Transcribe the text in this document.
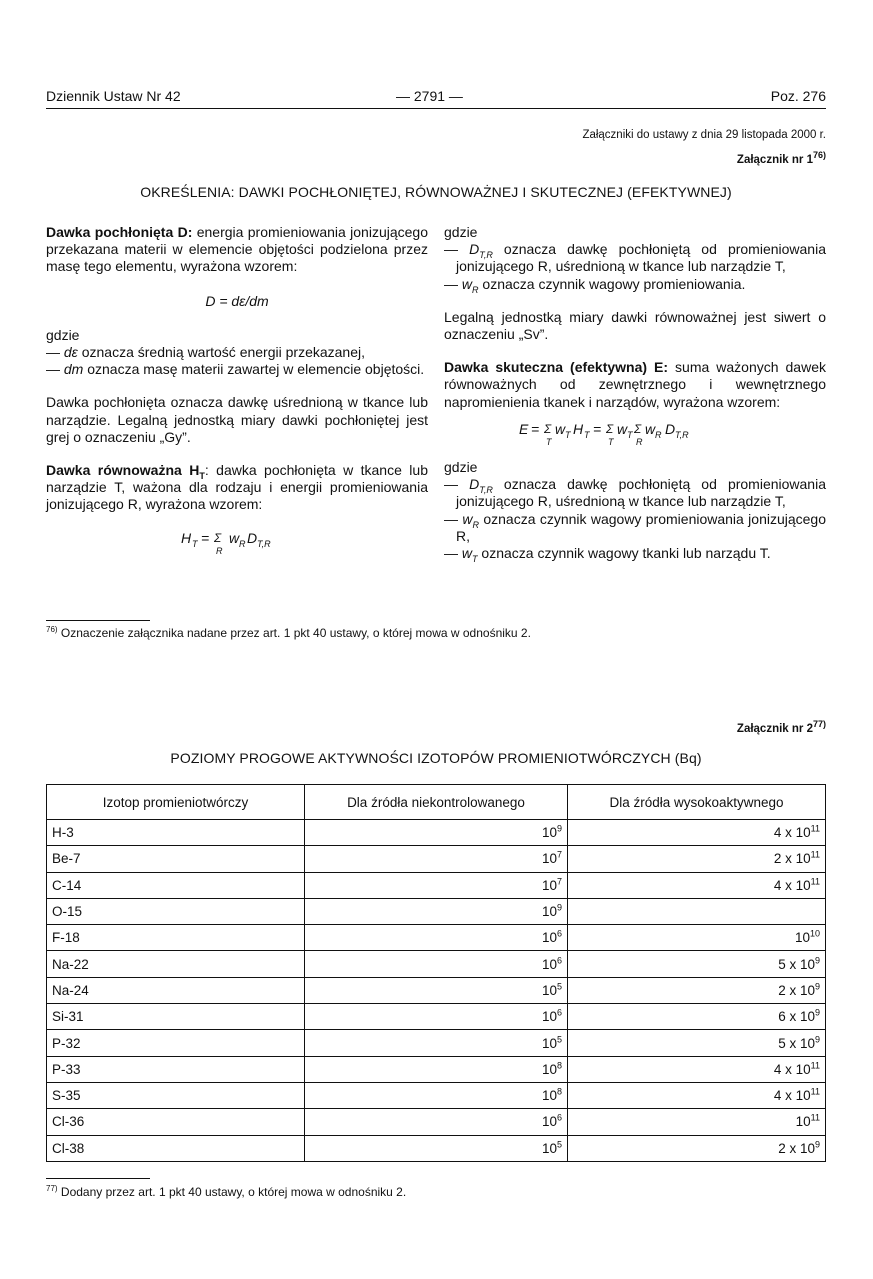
Dziennik Ustaw Nr 42	— 2791 —	Poz. 276
Załączniki do ustawy z dnia 29 listopada 2000 r.
Załącznik nr 1$^{76)}$
OKREŚLENIA: DAWKI POCHŁONIĘTEJ, RÓWNOWAŻNEJ I SKUTECZNEJ (EFEKTYWNEJ)

Dawka pochłonięta D: energia promieniowania jonizującego przekazana materii w elemencie objętości podzielona przez masę tego elementu, wyrażona wzorem:

D = dε/dm

gdzie

— dε oznacza średnią wartość energii przekazanej,

— dm oznacza masę materii zawartej w elemencie objętości.

Dawka pochłonięta oznacza dawkę uśrednioną w tkance lub narządzie. Legalną jednostką miary dawki pochłoniętej jest grej o oznaczeniu „Gy”.

Dawka równoważna $H_T$: dawka pochłonięta w tkance lub narządzie T, ważona dla rodzaju i energii promieniowania jonizującego R, wyrażona wzorem:

H T = Σ
R
w R D T,R

gdzie

— $D_{T,R}$ oznacza dawkę pochłoniętą od promieniowania jonizującego R, uśrednioną w tkance lub narządzie T,

— $w_R$ oznacza czynnik wagowy promieniowania.

Legalną jednostką miary dawki równoważnej jest siwert o oznaczeniu „Sv”.

Dawka skuteczna (efektywna) E: suma ważonych dawek równoważnych od zewnętrznego i wewnętrznego napromienienia tkanek i narządów, wyrażona wzorem:

E = Σ
T
w T H T = Σ
T
w T Σ
R
w R D T,R

gdzie

— $D_{T,R}$ oznacza dawkę pochłoniętą od promieniowania jonizującego R, uśrednioną w tkance lub narządzie T,

— $w_R$ oznacza czynnik wagowy promieniowania jonizującego R,

— $w_T$ oznacza czynnik wagowy tkanki lub narządu T.

$^{76)}$ Oznaczenie załącznika nadane przez art. 1 pkt 40 ustawy, o której mowa w odnośniku 2.
Załącznik nr 2$^{77)}$
POZIOMY PROGOWE AKTYWNOŚCI IZOTOPÓW PROMIENIOTWÓRCZYCH (Bq)
Izotop promieniotwórczy	Dla źródła niekontrolowanego	Dla źródła wysokoaktywnego
H-3	$10^9$	4 x $10^{11}$
Be-7	$10^7$	2 x $10^{11}$
C-14	$10^7$	4 x $10^{11}$
O-15	$10^9$	
F-18	$10^6$	$10^{10}$
Na-22	$10^6$	5 x $10^9$
Na-24	$10^5$	2 x $10^9$
Si-31	$10^6$	6 x $10^9$
P-32	$10^5$	5 x $10^9$
P-33	$10^8$	4 x $10^{11}$
S-35	$10^8$	4 x $10^{11}$
Cl-36	$10^6$	$10^{11}$
Cl-38	$10^5$	2 x $10^9$
$^{77)}$ Dodany przez art. 1 pkt 40 ustawy, o której mowa w odnośniku 2.
